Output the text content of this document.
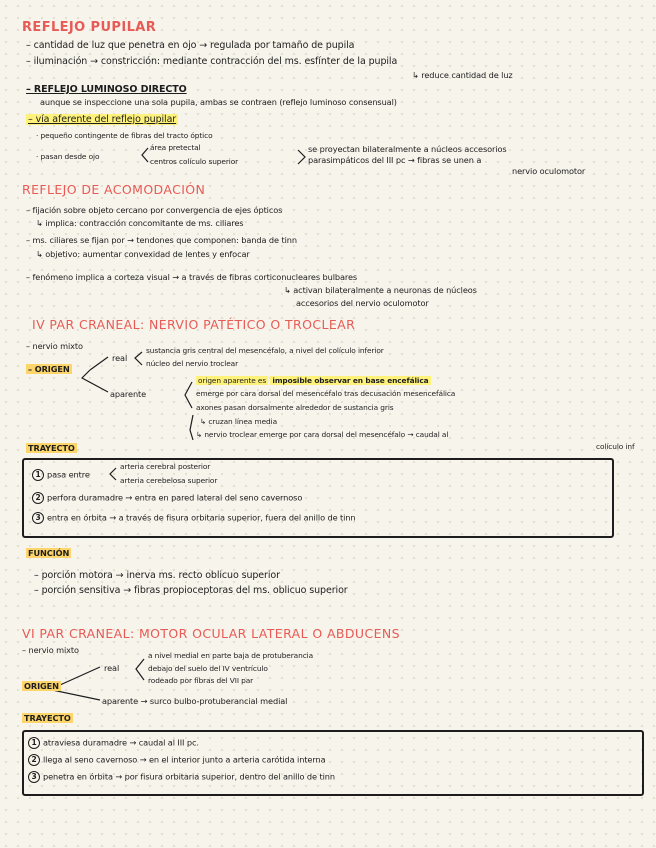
REFLEJO PUPILAR
– cantidad de luz que penetra en ojo → regulada por tamaño de pupila
– iluminación → constricción: mediante contracción del ms. esfínter de la pupila
↳ reduce cantidad de luz
– REFLEJO LUMINOSO DIRECTO
aunque se inspeccione una sola pupila, ambas se contraen (reflejo luminoso consensual)
– vía aferente del reflejo pupilar
· pequeño contingente de fibras del tracto óptico
· pasan desde ojo
área pretectal
centros colículo superior
se proyectan bilateralmente a núcleos accesorios
parasimpáticos del III pc → fibras se unen a
nervio oculomotor
REFLEJO DE ACOMODACIÓN
– fijación sobre objeto cercano por convergencia de ejes ópticos
↳ implica: contracción concomitante de ms. ciliares
– ms. ciliares se fijan por → tendones que componen: banda de tinn
↳ objetivo: aumentar convexidad de lentes y enfocar
– fenómeno implica a corteza visual → a través de fibras corticonucleares bulbares
↳ activan bilateralmente a neuronas de núcleos
accesorios del nervio oculomotor
IV PAR CRANEAL: NERVIO PATÉTICO O TROCLEAR
– nervio mixto
– ORIGEN
real
sustancia gris central del mesencéfalo, a nivel del colículo inferior
núcleo del nervio troclear
aparente
origen aparente es imposible observar en base encefálica
emerge por cara dorsal del mesencéfalo tras decusación mesencefálica
axones pasan dorsalmente alrededor de sustancia gris
↳ cruzan línea media
↳ nervio troclear emerge por cara dorsal del mesencéfalo → caudal al
colículo inf
TRAYECTO
1 pasa entre
arteria cerebral posterior
arteria cerebelosa superior
2 perfora duramadre → entra en pared lateral del seno cavernoso
3 entra en órbita → a través de fisura orbitaria superior, fuera del anillo de tinn
FUNCIÓN
– porción motora → inerva ms. recto oblicuo superior
– porción sensitiva → fibras propioceptoras del ms. oblicuo superior
VI PAR CRANEAL: MOTOR OCULAR LATERAL O ABDUCENS
– nervio mixto
ORIGEN
real
a nivel medial en parte baja de protuberancia
debajo del suelo del IV ventrículo
rodeado por fibras del VII par
aparente → surco bulbo-protuberancial medial
TRAYECTO
1 atraviesa duramadre → caudal al III pc.
2 llega al seno cavernoso → en el interior junto a arteria carótida interna
3 penetra en órbita → por fisura orbitaria superior, dentro del anillo de tinn
